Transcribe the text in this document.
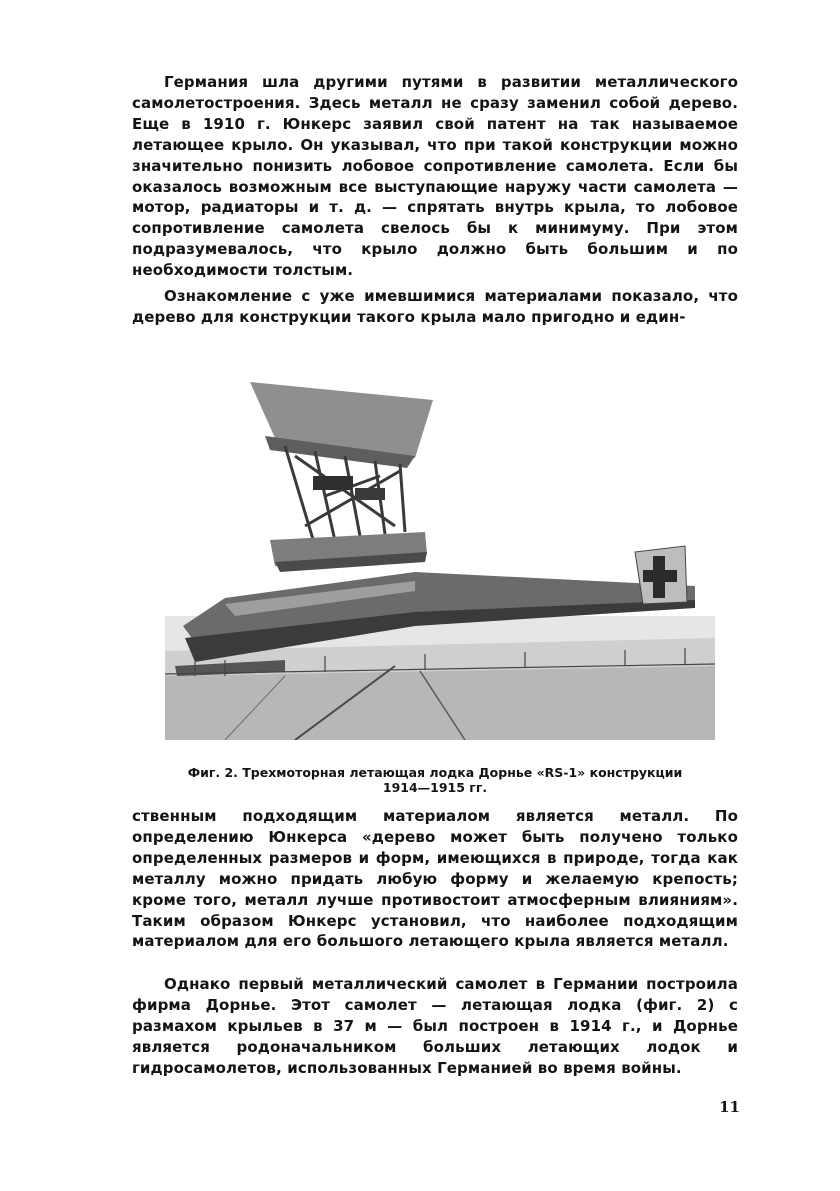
Германия шла другими путями в развитии металлического самолетостроения. Здесь металл не сразу заменил собой дерево. Еще в 1910 г. Юнкерс заявил свой патент на так называемое летающее крыло. Он указывал, что при такой конструкции можно значительно понизить лобовое сопротивление самолета. Если бы оказалось возможным все выступающие наружу части самолета — мотор, радиаторы и т. д. — спрятать внутрь крыла, то лобовое сопротивление самолета свелось бы к минимуму. При этом подразумевалось, что крыло должно быть большим и по необходимости толстым.

Ознакомление с уже имевшимися материалами показало, что дерево для конструкции такого крыла мало пригодно и един-

Фиг. 2. Трехмоторная летающая лодка Дорнье «RS-1» конструкции
1914—1915 гг.

ственным подходящим материалом является металл. По определению Юнкерса «дерево может быть получено только определенных размеров и форм, имеющихся в природе, тогда как металлу можно придать любую форму и желаемую крепость; кроме того, металл лучше противостоит атмосферным влияниям». Таким образом Юнкерс установил, что наиболее подходящим материалом для его большого летающего крыла является металл.

Однако первый металлический самолет в Германии построила фирма Дорнье. Этот самолет — летающая лодка (фиг. 2) с размахом крыльев в 37 м — был построен в 1914 г., и Дорнье является родоначальником больших летающих лодок и гидросамолетов, использованных Германией во время войны.

11
